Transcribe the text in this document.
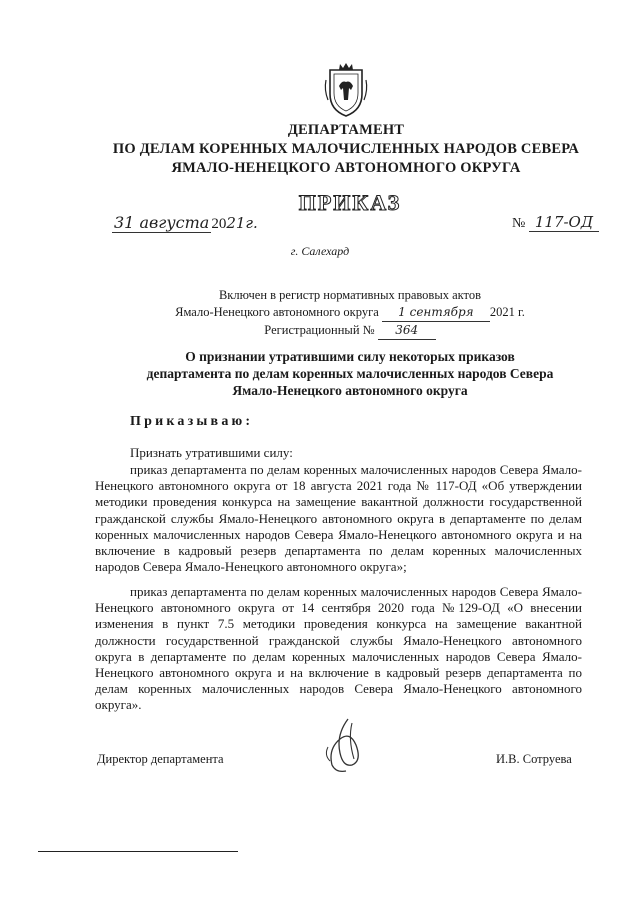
ДЕПАРТАМЕНТ
ПО ДЕЛАМ КОРЕННЫХ МАЛОЧИСЛЕННЫХ НАРОДОВ СЕВЕРА
ЯМАЛО-НЕНЕЦКОГО АВТОНОМНОГО ОКРУГА
ПРИКАЗ
31 августа 2021г.	№ 117-ОД
г. Салехард
Включен в регистр нормативных правовых актов
Ямало-Ненецкого автономного округа 1 сентября 2021 г.
Регистрационный № 364
О признании утратившими силу некоторых приказов
департамента по делам коренных малочисленных народов Севера
Ямало-Ненецкого автономного округа
Приказываю:
Признать утратившими силу:

приказ департамента по делам коренных малочисленных народов Севера Ямало-Ненецкого автономного округа от 18 августа 2021 года № 117-ОД «Об утверждении методики проведения конкурса на замещение вакантной должности государственной гражданской службы Ямало-Ненецкого автономного округа в департаменте по делам коренных малочисленных народов Севера Ямало-Ненецкого автономного округа и на включение в кадровый резерв департамента по делам коренных малочисленных народов Севера Ямало-Ненецкого автономного округа»;

приказ департамента по делам коренных малочисленных народов Севера Ямало-Ненецкого автономного округа от 14 сентября 2020 года №129-ОД «О внесении изменения в пункт 7.5 методики проведения конкурса на замещение вакантной должности государственной гражданской службы Ямало-Ненецкого автономного округа в департаменте по делам коренных малочисленных народов Севера Ямало-Ненецкого автономного округа и на включение в кадровый резерв департамента по делам коренных малочисленных народов Севера Ямало-Ненецкого автономного округа».

Директор департамента	И.В. Сотруева
